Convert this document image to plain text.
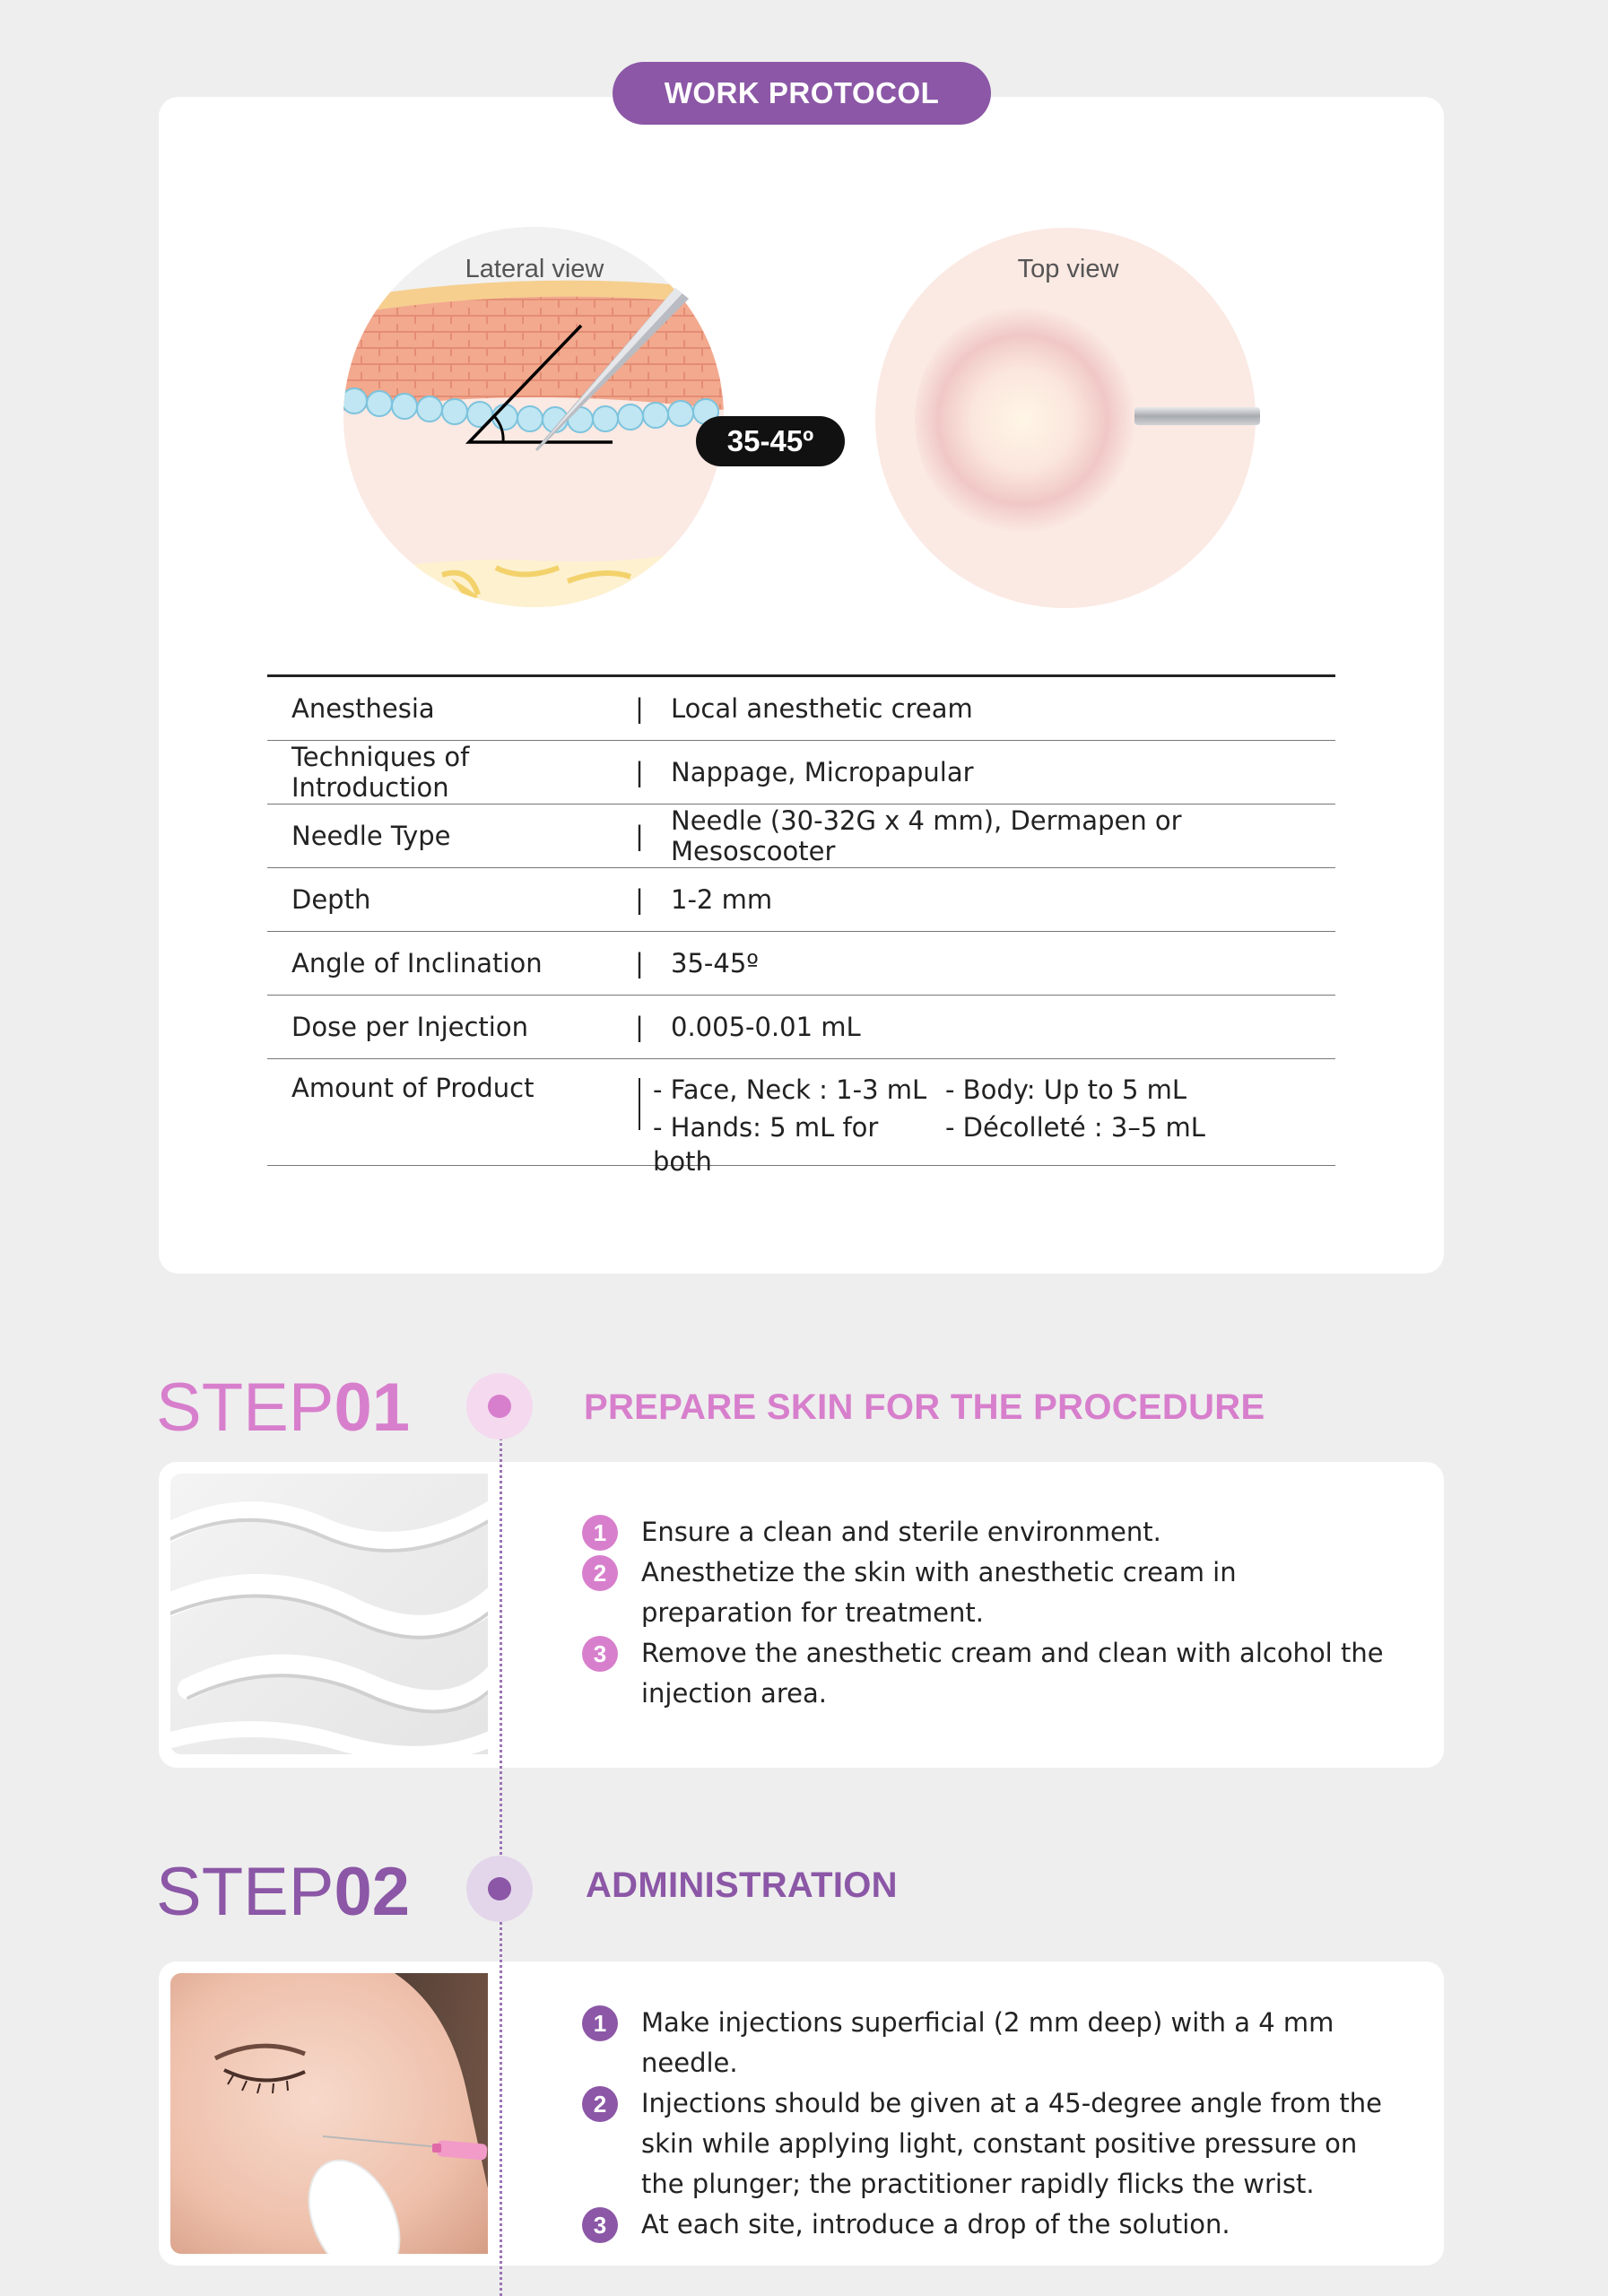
WORK PROTOCOL
Lateral view
35-45º
Top view
Anesthesia	|	Local anesthetic cream
Techniques of Introduction	|	Nappage, Micropapular
Needle Type	|	Needle (30-32G x 4 mm), Dermapen or Mesoscooter
Depth	|	1-2 mm
Angle of Inclination	|	35-45º
Dose per Injection	|	0.005-0.01 mL
Amount of Product	- Face, Neck : 1-3 mL - Body: Up to 5 mL
- Hands: 5 mL for both
- Décolleté : 3–5 mL
STEP01	PREPARE SKIN FOR THE PROCEDURE
1	Ensure a clean and sterile environment.
2	Anesthetize the skin with anesthetic cream in preparation for treatment.
3	Remove the anesthetic cream and clean with alcohol the injection area.
STEP02	ADMINISTRATION
1	Make injections superficial (2 mm deep) with a 4 mm needle.
2	Injections should be given at a 45-degree angle from the skin while applying light, constant positive pressure on the plunger; the practitioner rapidly flicks the wrist.
3	At each site, introduce a drop of the solution.
